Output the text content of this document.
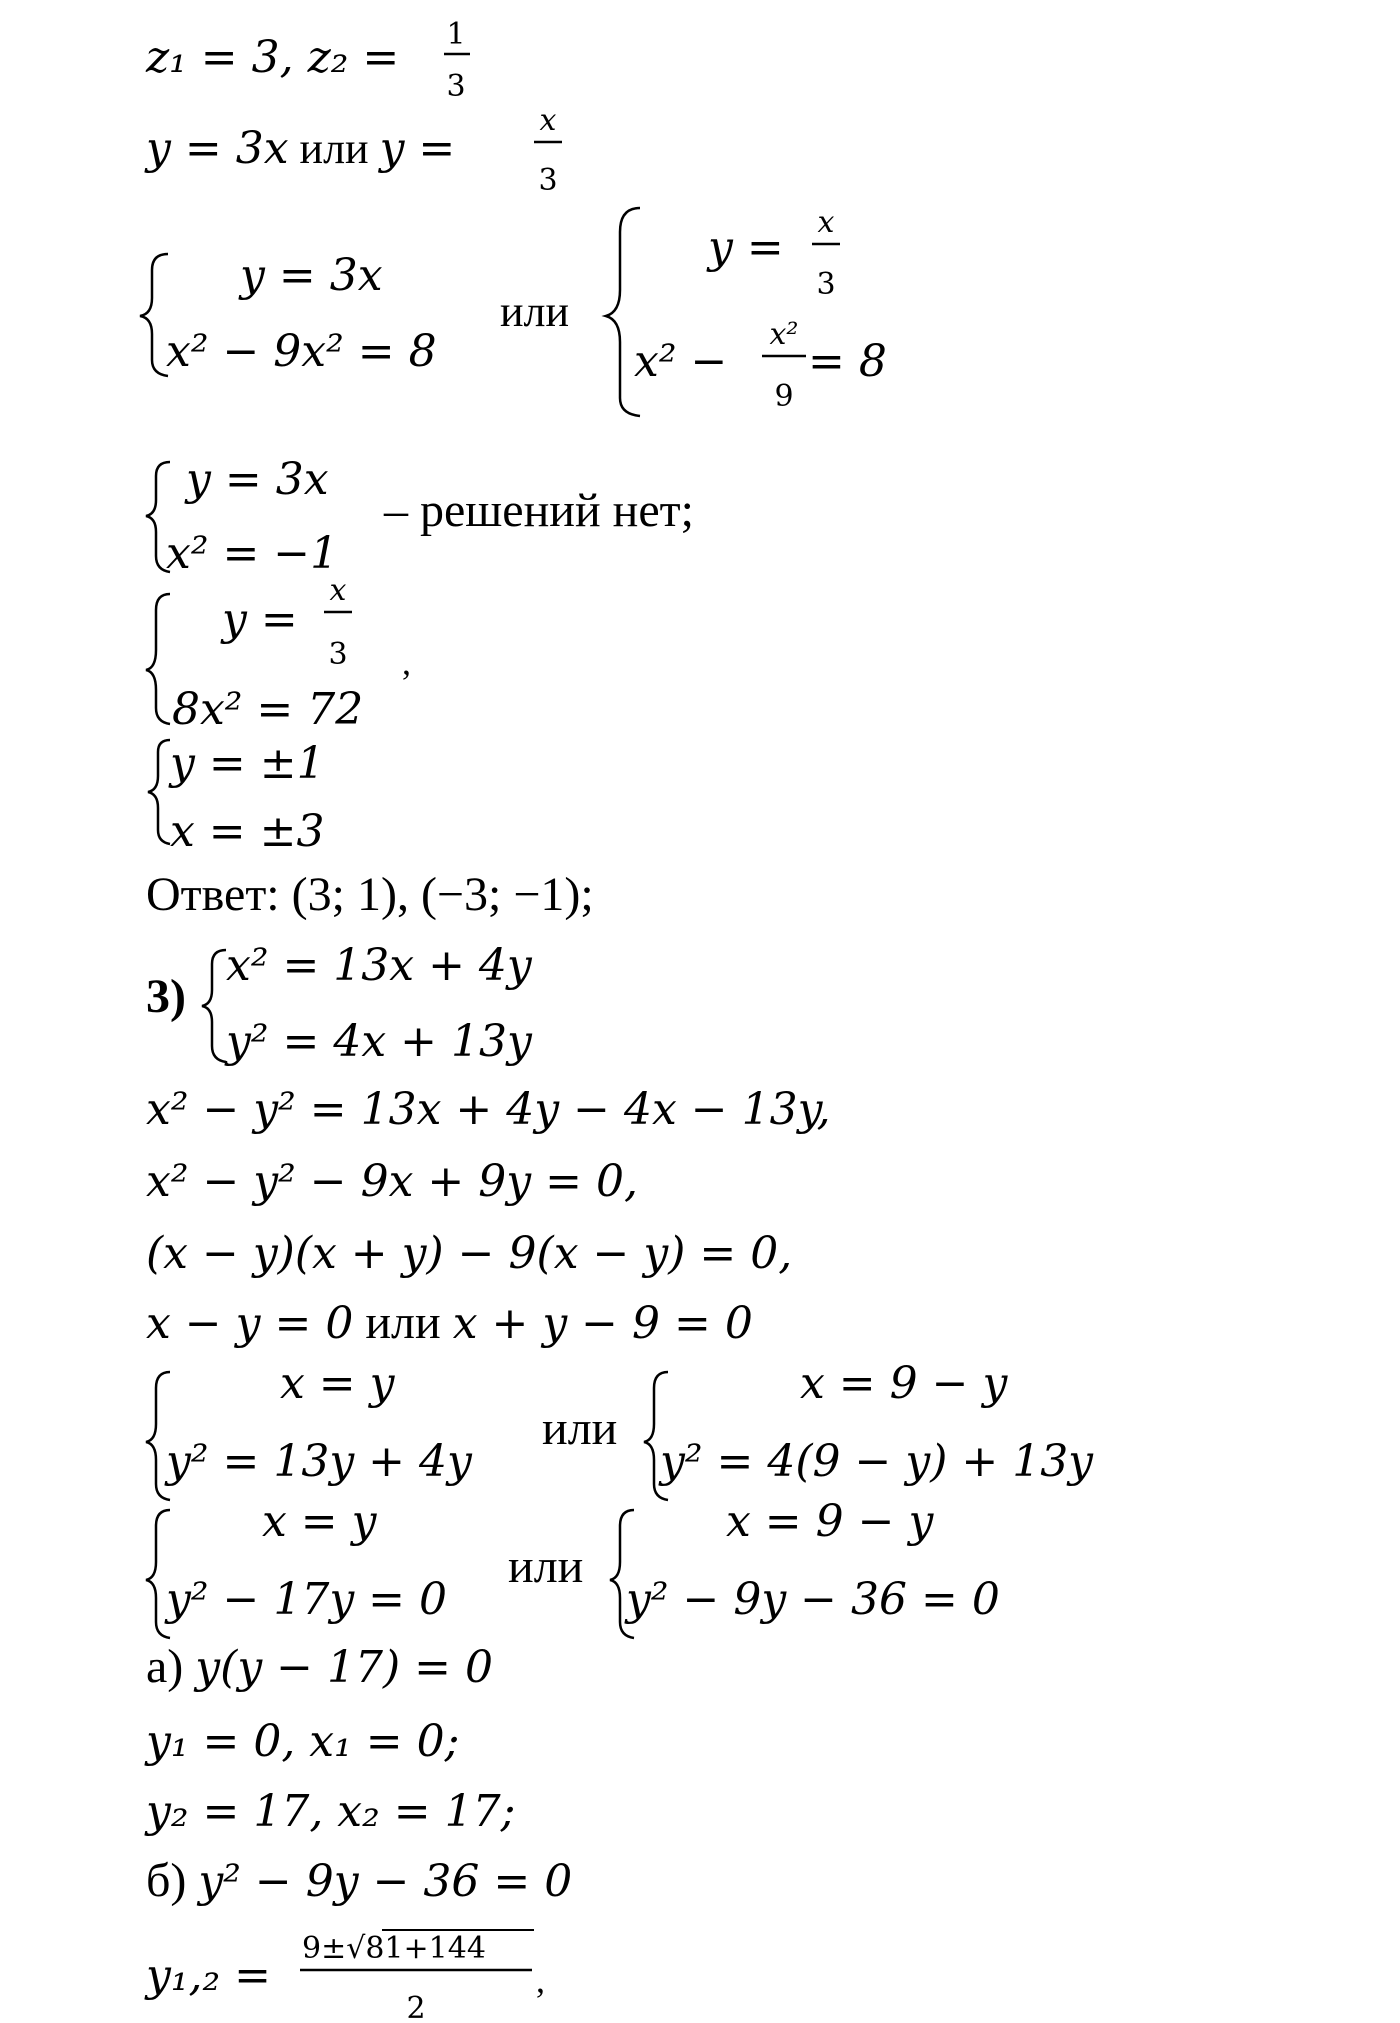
z₁ = 3, z₂ = 1
3
y = 3x или y =
x
3
y = 3x
x² − 9x² = 8
или
y = x
3
x² −
x²
9
= 8
y = 3x
x² = −1
– решений нет;
y =
x
3
8x² = 72
,
y = ±1
x = ±3
Ответ: (3; 1), (−3; −1);
3)
x² = 13x + 4y
y² = 4x + 13y
x² − y² = 13x + 4y − 4x − 13y,
x² − y² − 9x + 9y = 0,
(x − y)(x + y) − 9(x − y) = 0,
x − y = 0 или x + y − 9 = 0
x = y
y² = 13y + 4y
или
x = 9 − y
y² = 4(9 − y) + 13y
x = y
y² − 17y = 0
или
x = 9 − y
y² − 9y − 36 = 0
а) y(y − 17) = 0
y₁ = 0, x₁ = 0;
y₂ = 17, x₂ = 17;
б) y² − 9y − 36 = 0
y₁,₂ =
9±√81+144
2
,
